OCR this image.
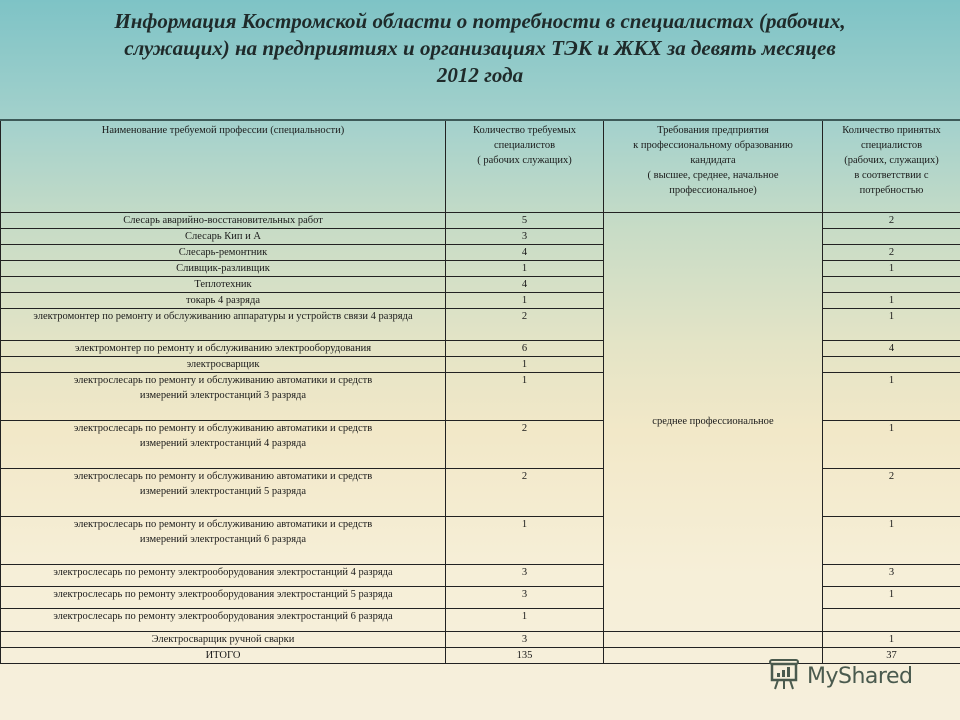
Информация Костромской области о потребности в специалистах (рабочих,
служащих) на предприятиях и организациях ТЭК и ЖКХ за девять месяцев
2012 года
Наименование требуемой профессии (специальности)	Количество требуемых
специалистов
( рабочих служащих)	Требования предприятия
к профессиональному образованию
кандидата
( высшее, среднее, начальное
профессиональное)	Количество принятых
специалистов
(рабочих, служащих)
в соответствии с
потребностью

Слесарь аварийно-восстановительных работ	5	среднее профессиональное	2
Слесарь Кип и А	3		
Слесарь-ремонтник	4		2
Сливщик-разливщик	1		1
Теплотехник	4		
токарь 4 разряда	1		1
электромонтер по ремонту и обслуживанию аппаратуры и устройств связи 4 разряда	2		1
электромонтер по ремонту и обслуживанию электрооборудования	6		4
электросварщик	1		
электрослесарь по ремонту и обслуживанию автоматики и средств измерений электростанций 3 разряда	1		1
электрослесарь по ремонту и обслуживанию автоматики и средств измерений электростанций 4 разряда	2		1
электрослесарь по ремонту и обслуживанию автоматики и средств измерений электростанций 5 разряда	2		2
электрослесарь по ремонту и обслуживанию автоматики и средств измерений электростанций 6 разряда	1		1
электрослесарь по ремонту электрооборудования электростанций 4 разряда	3		3
электрослесарь по ремонту электрооборудования электростанций 5 разряда	3		1
электрослесарь по ремонту электрооборудования электростанций 6 разряда	1		
Электросварщик ручной сварки	3		1
ИТОГО	135		37
MyShared
